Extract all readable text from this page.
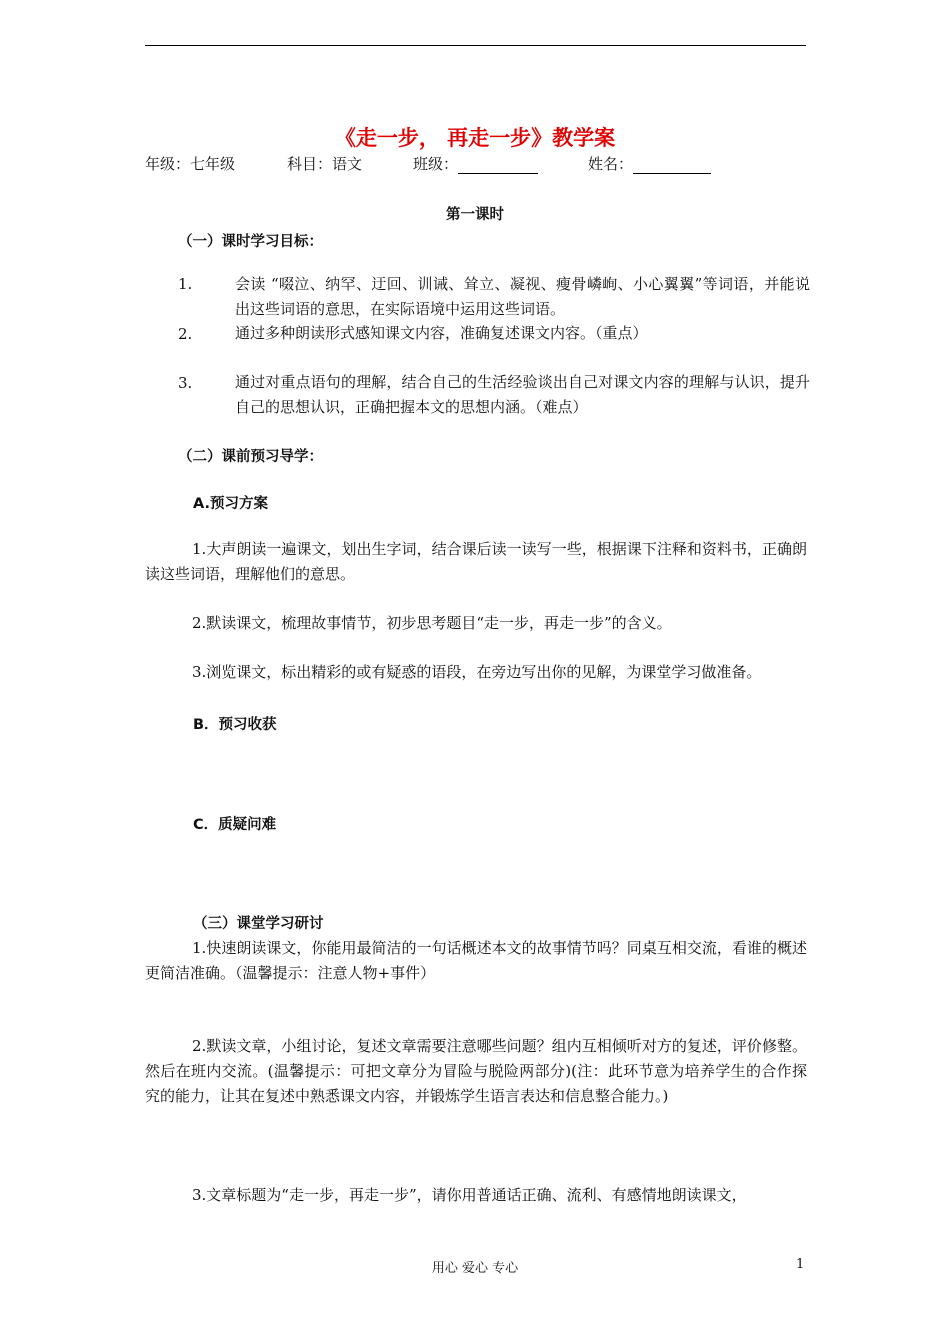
《走一步， 再走一步》教学案
年级：七年级	科目：语文	班级：	姓名：
第一课时
（一）课时学习目标：
1.	会读 “啜泣、纳罕、迂回、训诫、耸立、凝视、瘦骨嶙峋、小心翼翼”等词语，并能说出这些词语的意思，在实际语境中运用这些词语。
2.	通过多种朗读形式感知课文内容，准确复述课文内容。（重点）
3.	通过对重点语句的理解，结合自己的生活经验谈出自己对课文内容的理解与认识，提升自己的思想认识，正确把握本文的思想内涵。（难点）
（二）课前预习导学：
A.预习方案
1.大声朗读一遍课文，划出生字词，结合课后读一读写一些，根据课下注释和资料书，正确朗读这些词语，理解他们的意思。
2.默读课文，梳理故事情节，初步思考题目“走一步，再走一步”的含义。
3.浏览课文，标出精彩的或有疑惑的语段，在旁边写出你的见解，为课堂学习做准备。
B．预习收获
C．质疑问难
（三）课堂学习研讨
1.快速朗读课文，你能用最简洁的一句话概述本文的故事情节吗？同桌互相交流，看谁的概述更简洁准确。（温馨提示：注意人物+事件）
2.默读文章，小组讨论，复述文章需要注意哪些问题？组内互相倾听对方的复述，评价修整。然后在班内交流。(温馨提示：可把文章分为冒险与脱险两部分)(注：此环节意为培养学生的合作探究的能力，让其在复述中熟悉课文内容，并锻炼学生语言表达和信息整合能力。)
3.文章标题为“走一步，再走一步”，请你用普通话正确、流利、有感情地朗读课文，
用心 爱心 专心	1
